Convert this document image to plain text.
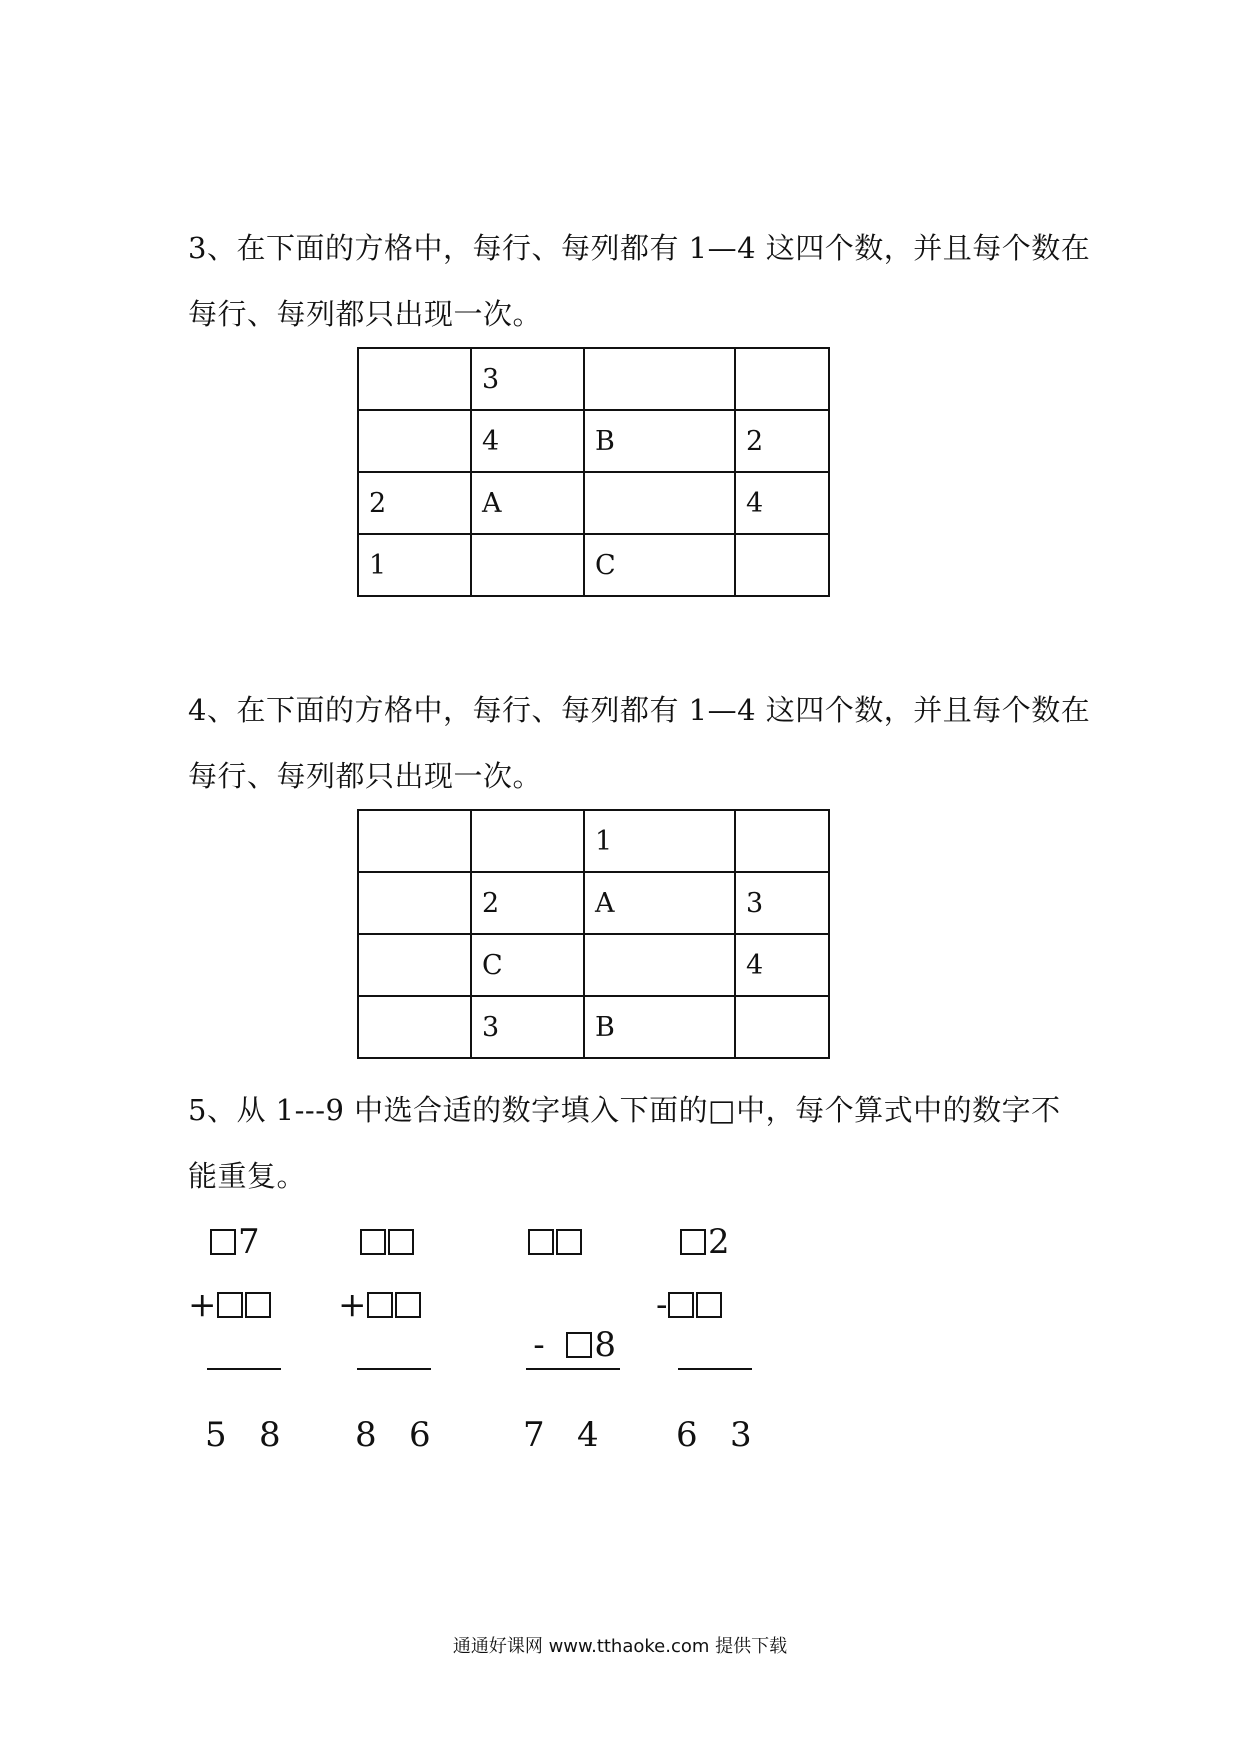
3、在下面的方格中，每行、每列都有 1—4 这四个数，并且每个数在
每行、每列都只出现一次。
	3		
	4	B	2
2	A		4
1		C	
4、在下面的方格中，每行、每列都有 1—4 这四个数，并且每个数在
每行、每列都只出现一次。
		1	
	2	A	3
	C		4
	3	B	
5、从 1---9 中选合适的数字填入下面的□中，每个算式中的数字不
能重复。
7
+
5   8
+
8   6

-  8

7   4
2
-
6   3
通通好课网 www.tthaoke.com 提供下载
